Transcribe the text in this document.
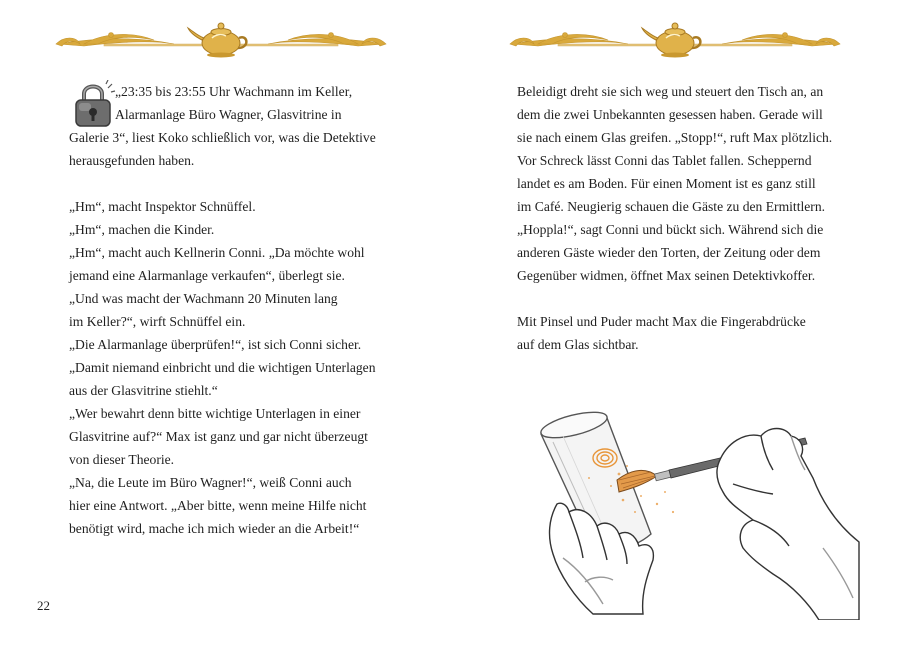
„23:35 bis 23:55 Uhr Wachmann im Keller,
Alarmanlage Büro Wagner, Glasvitrine in
Galerie 3“, liest Koko schließlich vor, was die Detektive
herausgefunden haben.
„Hm“, macht Inspektor Schnüffel.
„Hm“, machen die Kinder.
„Hm“, macht auch Kellnerin Conni. „Da möchte wohl
jemand eine Alarmanlage verkaufen“, überlegt sie.
„Und was macht der Wachmann 20 Minuten lang
im Keller?“, wirft Schnüffel ein.
„Die Alarmanlage überprüfen!“, ist sich Conni sicher.
„Damit niemand einbricht und die wichtigen Unterlagen
aus der Glasvitrine stiehlt.“
„Wer bewahrt denn bitte wichtige Unterlagen in einer
Glasvitrine auf?“ Max ist ganz und gar nicht überzeugt
von dieser Theorie.
„Na, die Leute im Büro Wagner!“, weiß Conni auch
hier eine Antwort. „Aber bitte, wenn meine Hilfe nicht
benötigt wird, mache ich mich wieder an die Arbeit!“
22
Beleidigt dreht sie sich weg und steuert den Tisch an, an
dem die zwei Unbekannten gesessen haben. Gerade will
sie nach einem Glas greifen. „Stopp!“, ruft Max plötzlich.
Vor Schreck lässt Conni das Tablet fallen. Scheppernd
landet es am Boden. Für einen Moment ist es ganz still
im Café. Neugierig schauen die Gäste zu den Ermittlern.
„Hoppla!“, sagt Conni und bückt sich. Während sich die
anderen Gäste wieder den Torten, der Zeitung oder dem
Gegenüber widmen, öffnet Max seinen Detektivkoffer.
Mit Pinsel und Puder macht Max die Fingerabdrücke
auf dem Glas sichtbar.
